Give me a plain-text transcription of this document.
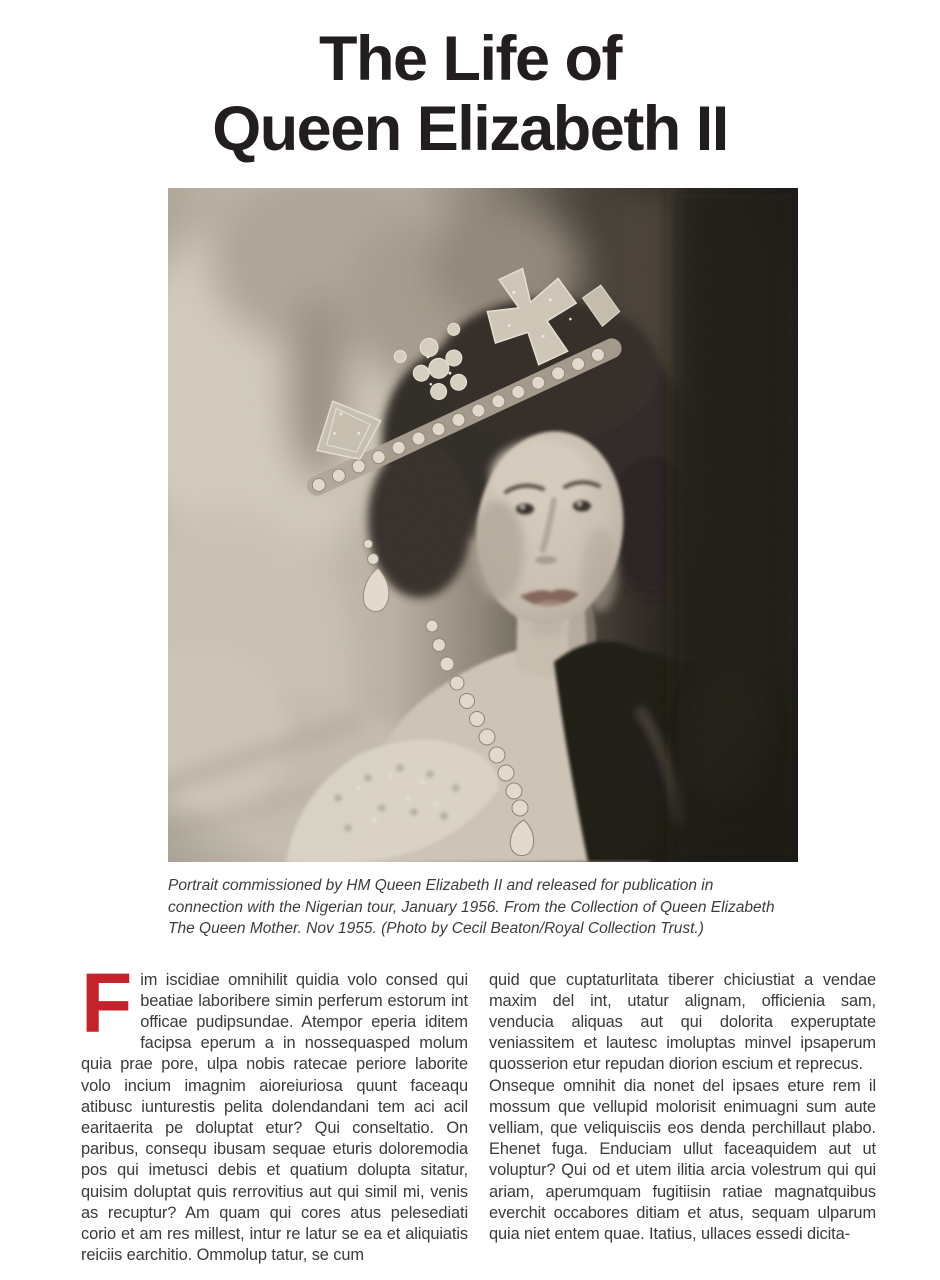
The Life of
Queen Elizabeth II
Portrait commissioned by HM Queen Elizabeth II and released for publication in connection with the Nigerian tour, January 1956. From the Collection of Queen Elizabeth The Queen Mother. Nov 1955. (Photo by Cecil Beaton/Royal Collection Trust.)

Fim iscidiae omnihilit quidia volo consed qui beatiae laboribere simin perferum estorum int officae pudipsundae. Atempor eperia iditem facipsa eperum a in nossequasped molum quia prae pore, ulpa nobis ratecae periore laborite volo incium imagnim aioreiuriosa quunt faceaqu atibusc iunturestis pelita dolendandani tem aci acil earitaerita pe doluptat etur? Qui conseltatio. On paribus, consequ ibusam sequae eturis doloremodia pos qui imetusci debis et quatium dolupta sitatur, quisim doluptat quis rerrovitius aut qui simil mi, venis as recuptur? Am quam qui cores atus pelesediati corio et am res millest, intur re latur se ea et aliquiatis reiciis earchitio. Ommolup tatur, se cum

quid que cuptaturlitata tiberer chiciustiat a vendae maxim del int, utatur alignam, officienia sam, venducia aliquas aut qui dolorita experuptate veniassitem et lautesc imoluptas minvel ipsaperum quosserion etur repudan diorion escium et reprecus.

Onseque omnihit dia nonet del ipsaes eture rem il mossum que vellupid molorisit enimuagni sum aute velliam, que veliquisciis eos denda perchillaut plabo. Ehenet fuga. Enduciam ullut faceaquidem aut ut voluptur? Qui od et utem ilitia arcia volestrum qui qui ariam, aperumquam fugitiisin ratiae magnatquibus everchit occabores ditiam et atus, sequam ulparum quia niet entem quae. Itatius, ullaces essedi dicita-
